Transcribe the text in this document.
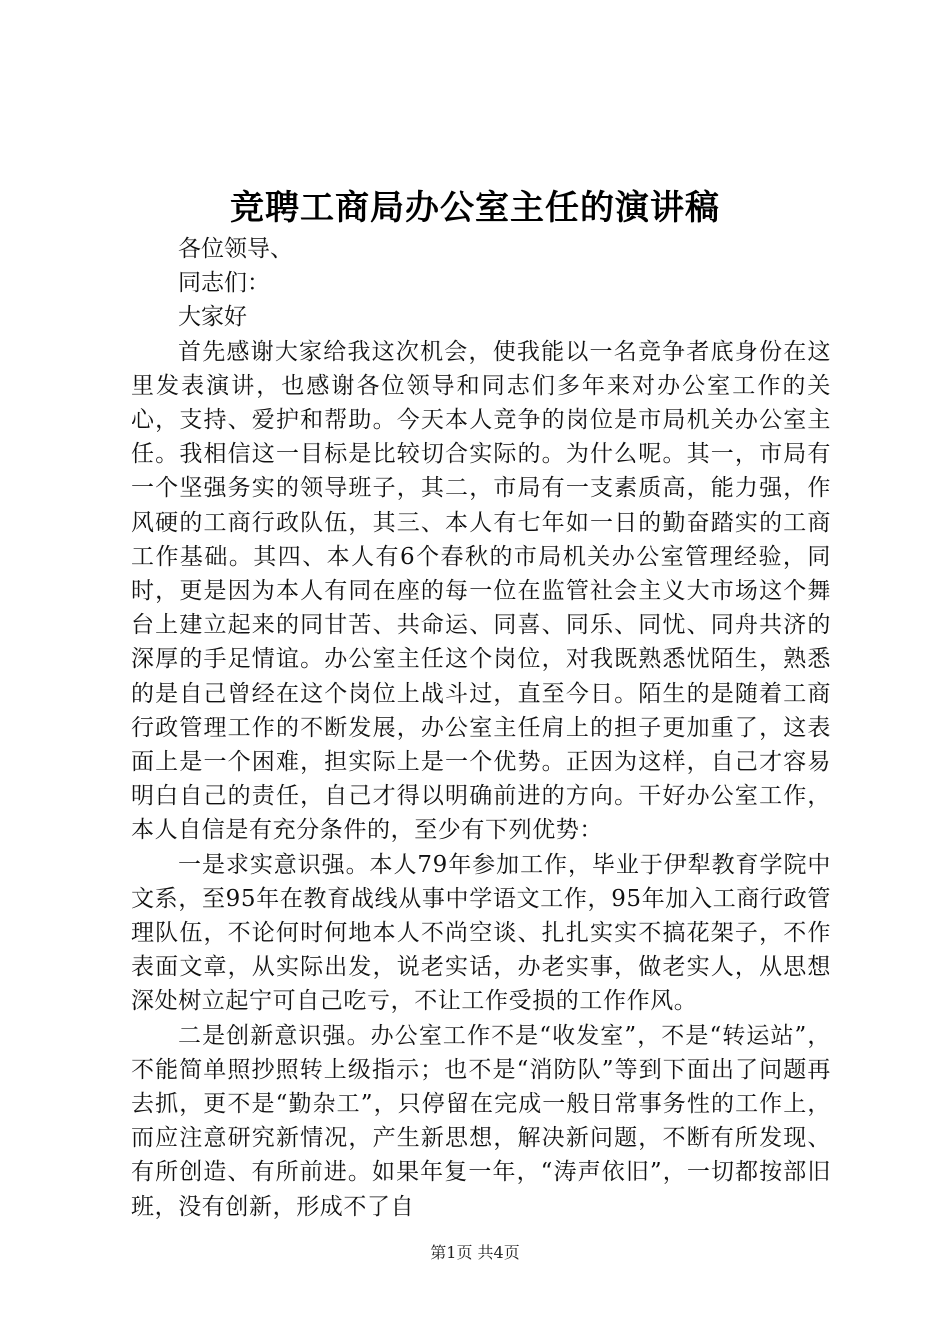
竞聘工商局办公室主任的演讲稿

各位领导、

同志们：

大家好

首先感谢大家给我这次机会，使我能以一名竞争者底身份在这里发表演讲，也感谢各位领导和同志们多年来对办公室工作的关心，支持、爱护和帮助。今天本人竞争的岗位是市局机关办公室主任。我相信这一目标是比较切合实际的。为什么呢。其一，市局有一个坚强务实的领导班子，其二，市局有一支素质高，能力强，作风硬的工商行政队伍，其三、本人有七年如一日的勤奋踏实的工商工作基础。其四、本人有6个春秋的市局机关办公室管理经验，同时，更是因为本人有同在座的每一位在监管社会主义大市场这个舞台上建立起来的同甘苦、共命运、同喜、同乐、同忧、同舟共济的深厚的手足情谊。办公室主任这个岗位，对我既熟悉忧陌生，熟悉的是自己曾经在这个岗位上战斗过，直至今日。陌生的是随着工商行政管理工作的不断发展，办公室主任肩上的担子更加重了，这表面上是一个困难，担实际上是一个优势。正因为这样，自己才容易明白自己的责任，自己才得以明确前进的方向。干好办公室工作，本人自信是有充分条件的，至少有下列优势：

一是求实意识强。本人79年参加工作，毕业于伊犁教育学院中文系，至95年在教育战线从事中学语文工作，95年加入工商行政管理队伍，不论何时何地本人不尚空谈、扎扎实实不搞花架子，不作表面文章，从实际出发，说老实话，办老实事，做老实人，从思想深处树立起宁可自己吃亏，不让工作受损的工作作风。

二是创新意识强。办公室工作不是“收发室”，不是“转运站”，不能简单照抄照转上级指示；也不是“消防队”等到下面出了问题再去抓，更不是“勤杂工”，只停留在完成一般日常事务性的工作上，而应注意研究新情况，产生新思想，解决新问题，不断有所发现、有所创造、有所前进。如果年复一年，“涛声依旧”，一切都按部旧班，没有创新，形成不了自

第1页 共4页
